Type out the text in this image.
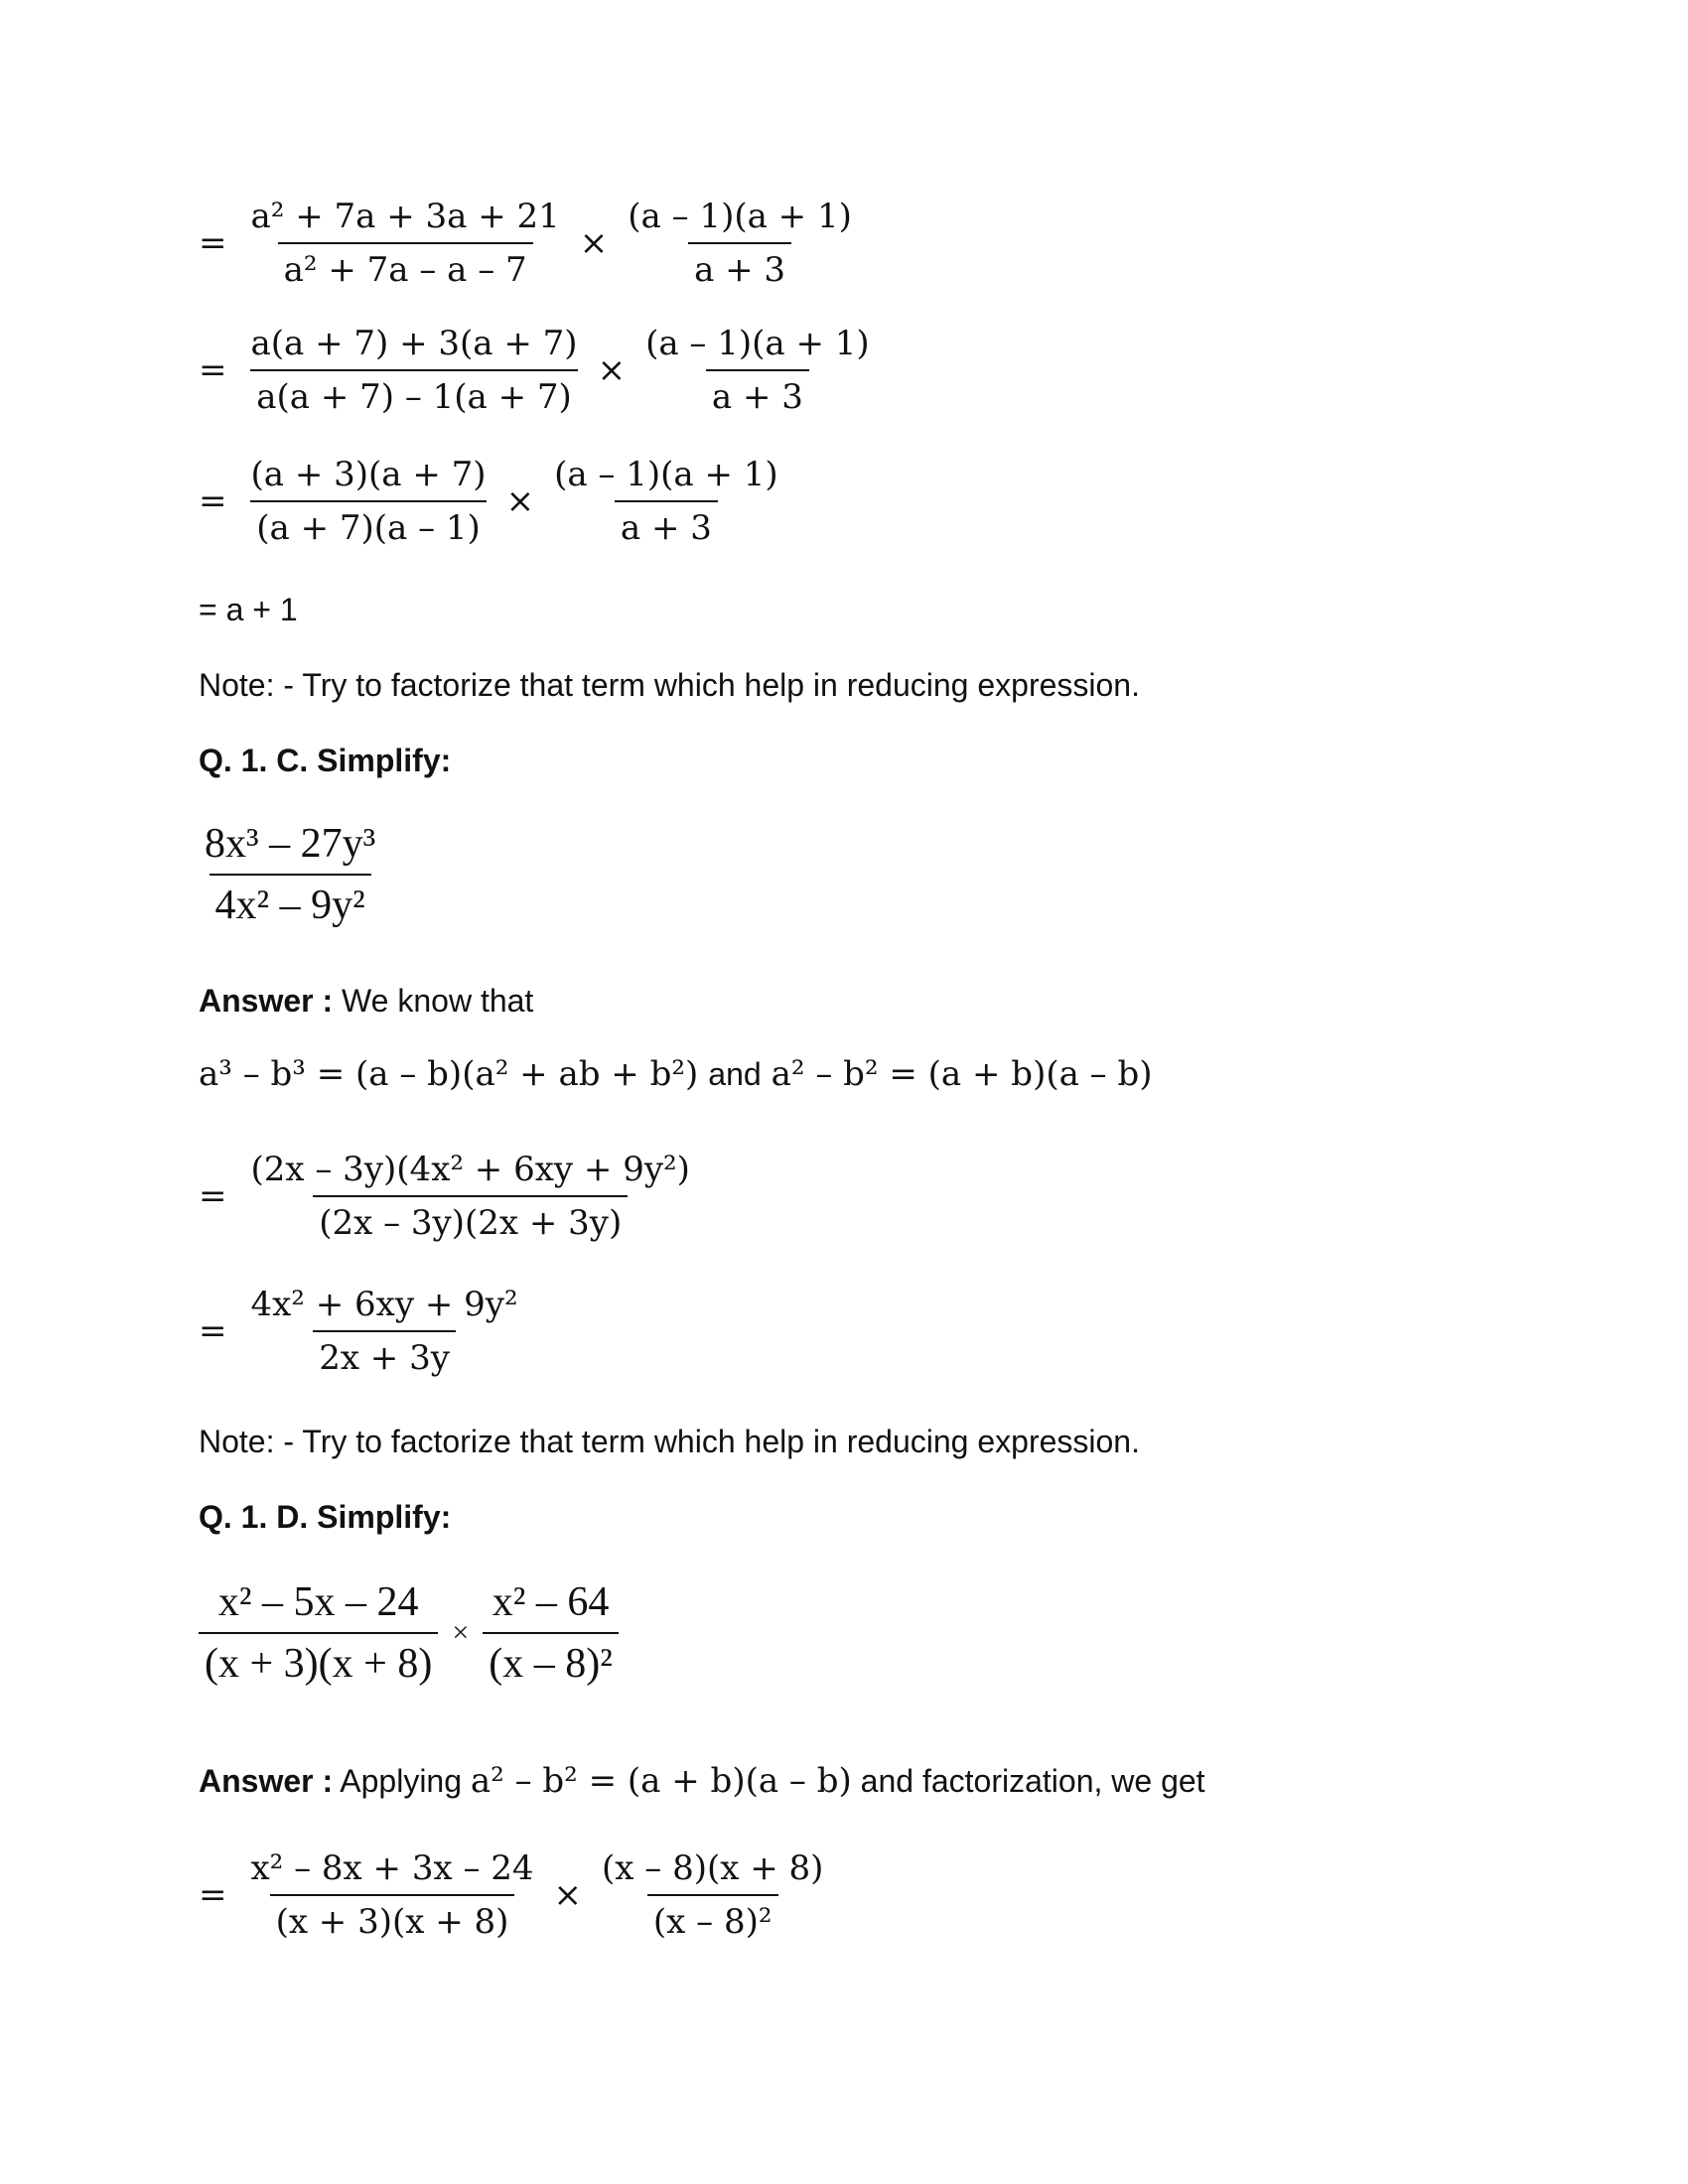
= $\frac{\text{a² + 7a + 3a + 21}}{\text{a² + 7a – a – 7}} \times \frac{(a - 1)(a + 1)}{a + 3}$
= $\frac{a(a + 7) + 3(a + 7)}{a(a + 7) - 1(a + 7)} \times \frac{(a - 1)(a + 1)}{a + 3}$
= $\frac{(a + 3)(a + 7)}{(a + 7)(a - 1)} \times \frac{(a - 1)(a + 1)}{a + 3}$
= a + 1
Note: - Try to factorize that term which help in reducing expression.
Q. 1. C. Simplify:
$\frac{\text{8x³ – 27y³}}{\text{4x² – 9y²}}$
Answer : We know that
a³ – b³ = (a – b)(a² + ab + b²) and a² – b² = (a + b)(a – b)
= $\frac{\text{(2x – 3y)(4x² + 6xy + 9y²)}}{(2x - 3y)(2x + 3y)}$
= $\frac{\text{4x² + 6xy + 9y²}}{2x + 3y}$
Note: - Try to factorize that term which help in reducing expression.
Q. 1. D. Simplify:
$\frac{\text{x² – 5x – 24}}{(x + 3)(x + 8)} \times \frac{\text{x² – 64}}{\text{(x – 8)²}}$
Answer : Applying a² – b² = (a + b)(a – b) and factorization, we get
= $\frac{\text{x² – 8x + 3x – 24}}{(x + 3)(x + 8)} \times \frac{(x - 8)(x + 8)}{\text{(x – 8)²}}$
